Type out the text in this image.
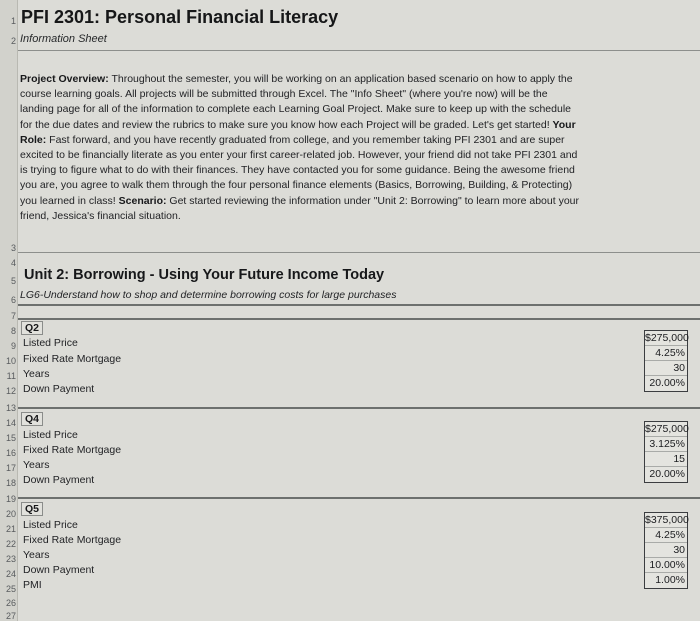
1
2
3
4
5
6
7
8
9
10
11
12
13
14
15
16
17
18
19
20
21
22
23
24
25
26
27
PFI 2301: Personal Financial Literacy
Information Sheet
Project Overview: Throughout the semester, you will be working on an application based scenario on how to apply the course learning goals. All projects will be submitted through Excel. The "Info Sheet" (where you're now) will be the landing page for all of the information to complete each Learning Goal Project. Make sure to keep up with the schedule for the due dates and review the rubrics to make sure you know how each Project will be graded. Let's get started! Your Role: Fast forward, and you have recently graduated from college, and you remember taking PFI 2301 and are super excited to be financially literate as you enter your first career-related job. However, your friend did not take PFI 2301 and is trying to figure what to do with their finances. They have contacted you for some guidance. Being the awesome friend you are, you agree to walk them through the four personal finance elements (Basics, Borrowing, Building, & Protecting) you learned in class! Scenario: Get started reviewing the information under "Unit 2: Borrowing" to learn more about your friend, Jessica's financial situation.
Unit 2: Borrowing - Using Your Future Income Today
LG6-Understand how to shop and determine borrowing costs for large purchases
Q2
Listed Price
Fixed Rate Mortgage
Years
Down Payment
$275,000
4.25%
30
20.00%
Q4
Listed Price
Fixed Rate Mortgage
Years
Down Payment
$275,000
3.125%
15
20.00%
Q5
Listed Price
Fixed Rate Mortgage
Years
Down Payment
PMI
$375,000
4.25%
30
10.00%
1.00%
